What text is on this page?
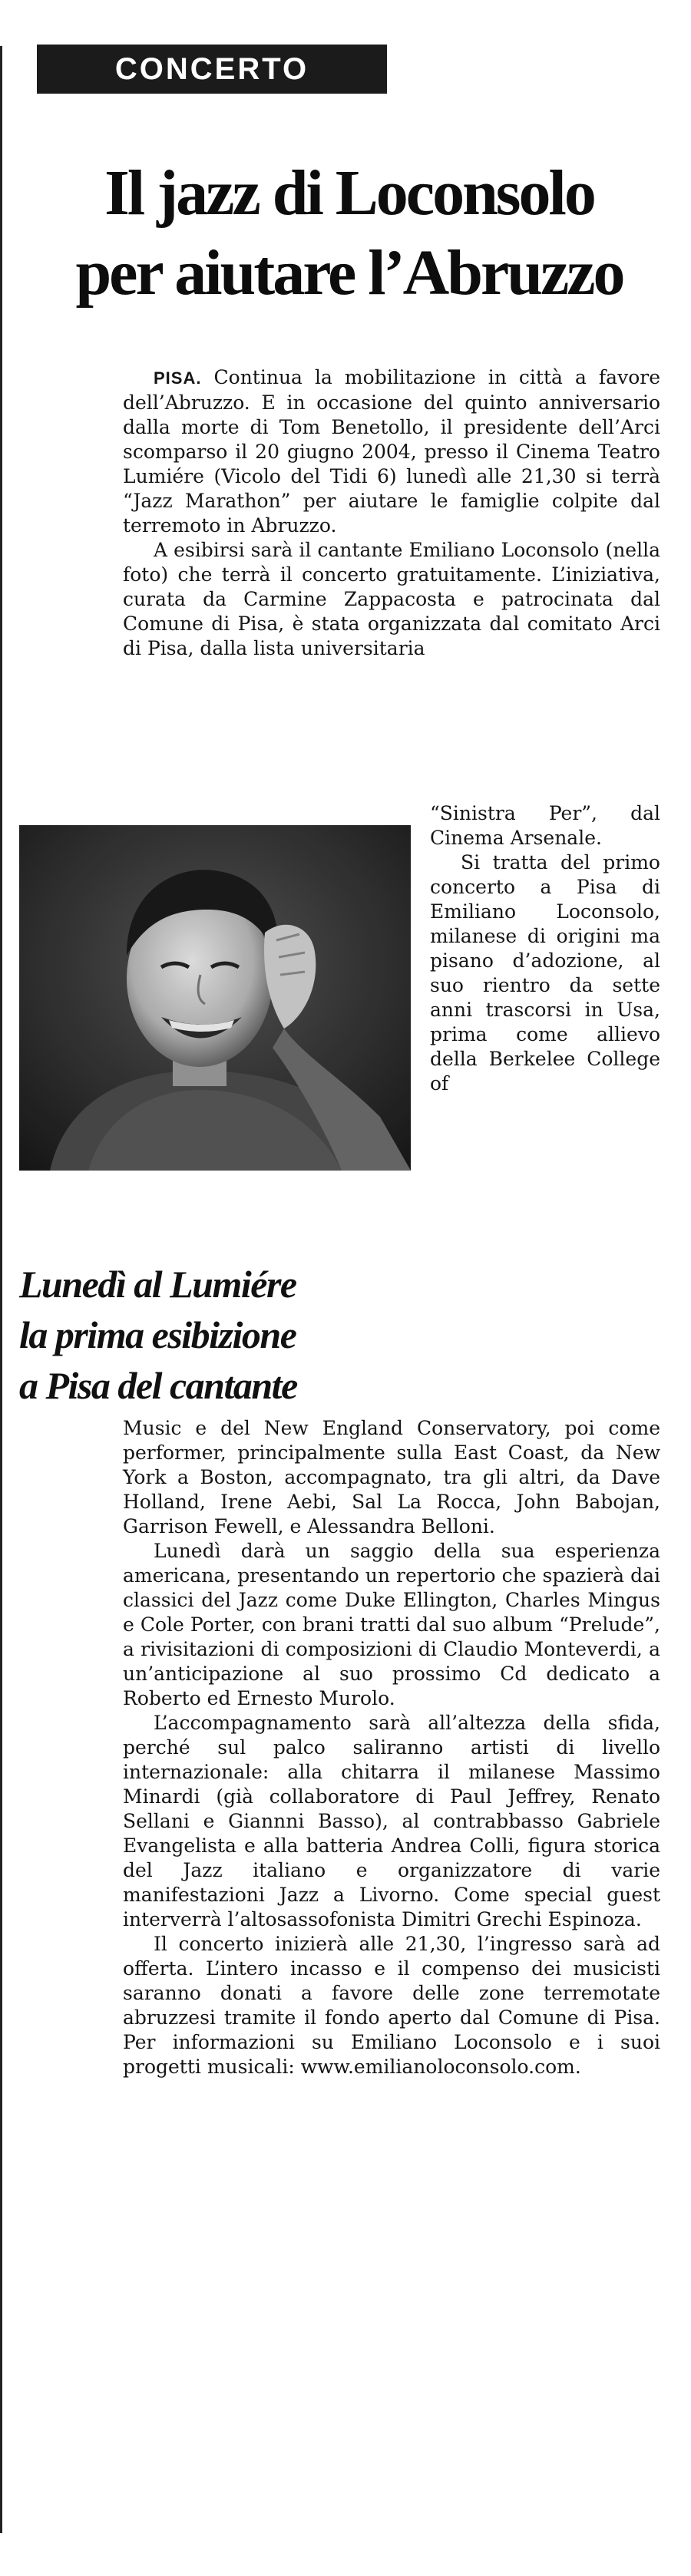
CONCERTO
Il jazz di Loconsolo
per aiutare l’Abruzzo

PISA. Continua la mobilitazione in città a favore dell’Abruzzo. E in occasione del quinto anniversario dalla morte di Tom Benetollo, il presidente dell’Arci scomparso il 20 giugno 2004, presso il Cinema Teatro Lumiére (Vicolo del Tidi 6) lunedì alle 21,30 si terrà “Jazz Marathon” per aiutare le famiglie colpite dal terremoto in Abruzzo.

A esibirsi sarà il cantante Emiliano Loconsolo (nella foto) che terrà il concerto gratuitamente. L’iniziativa, curata da Carmine Zappacosta e patrocinata dal Comune di Pisa, è stata organizzata dal comitato Arci di Pisa, dalla lista universitaria

Lunedì al Lumiére
la prima esibizione
a Pisa del cantante

“Sinistra Per”, dal Cinema Arsenale.

Si tratta del primo concerto a Pisa di Emiliano Loconsolo, milanese di origini ma pisano d’adozione, al suo rientro da sette anni trascorsi in Usa, prima come allievo della Berkelee College of

Music e del New England Conservatory, poi come performer, principalmente sulla East Coast, da New York a Boston, accompagnato, tra gli altri, da Dave Holland, Irene Aebi, Sal La Rocca, John Babojan, Garrison Fewell, e Alessandra Belloni.

Lunedì darà un saggio della sua esperienza americana, presentando un repertorio che spazierà dai classici del Jazz come Duke Ellington, Charles Mingus e Cole Porter, con brani tratti dal suo album “Prelude”, a rivisitazioni di composizioni di Claudio Monteverdi, a un’anticipazione al suo prossimo Cd dedicato a Roberto ed Ernesto Murolo.

L’accompagnamento sarà all’altezza della sfida, perché sul palco saliranno artisti di livello internazionale: alla chitarra il milanese Massimo Minardi (già collaboratore di Paul Jeffrey, Renato Sellani e Giannni Basso), al contrabbasso Gabriele Evangelista e alla batteria Andrea Colli, figura storica del Jazz italiano e organizzatore di varie manifestazioni Jazz a Livorno. Come special guest interverrà l’altosassofonista Dimitri Grechi Espinoza.

Il concerto inizierà alle 21,30, l’ingresso sarà ad offerta. L’intero incasso e il compenso dei musicisti saranno donati a favore delle zone terremotate abruzzesi tramite il fondo aperto dal Comune di Pisa. Per informazioni su Emiliano Loconsolo e i suoi progetti musicali: www.emilianoloconsolo.com.
